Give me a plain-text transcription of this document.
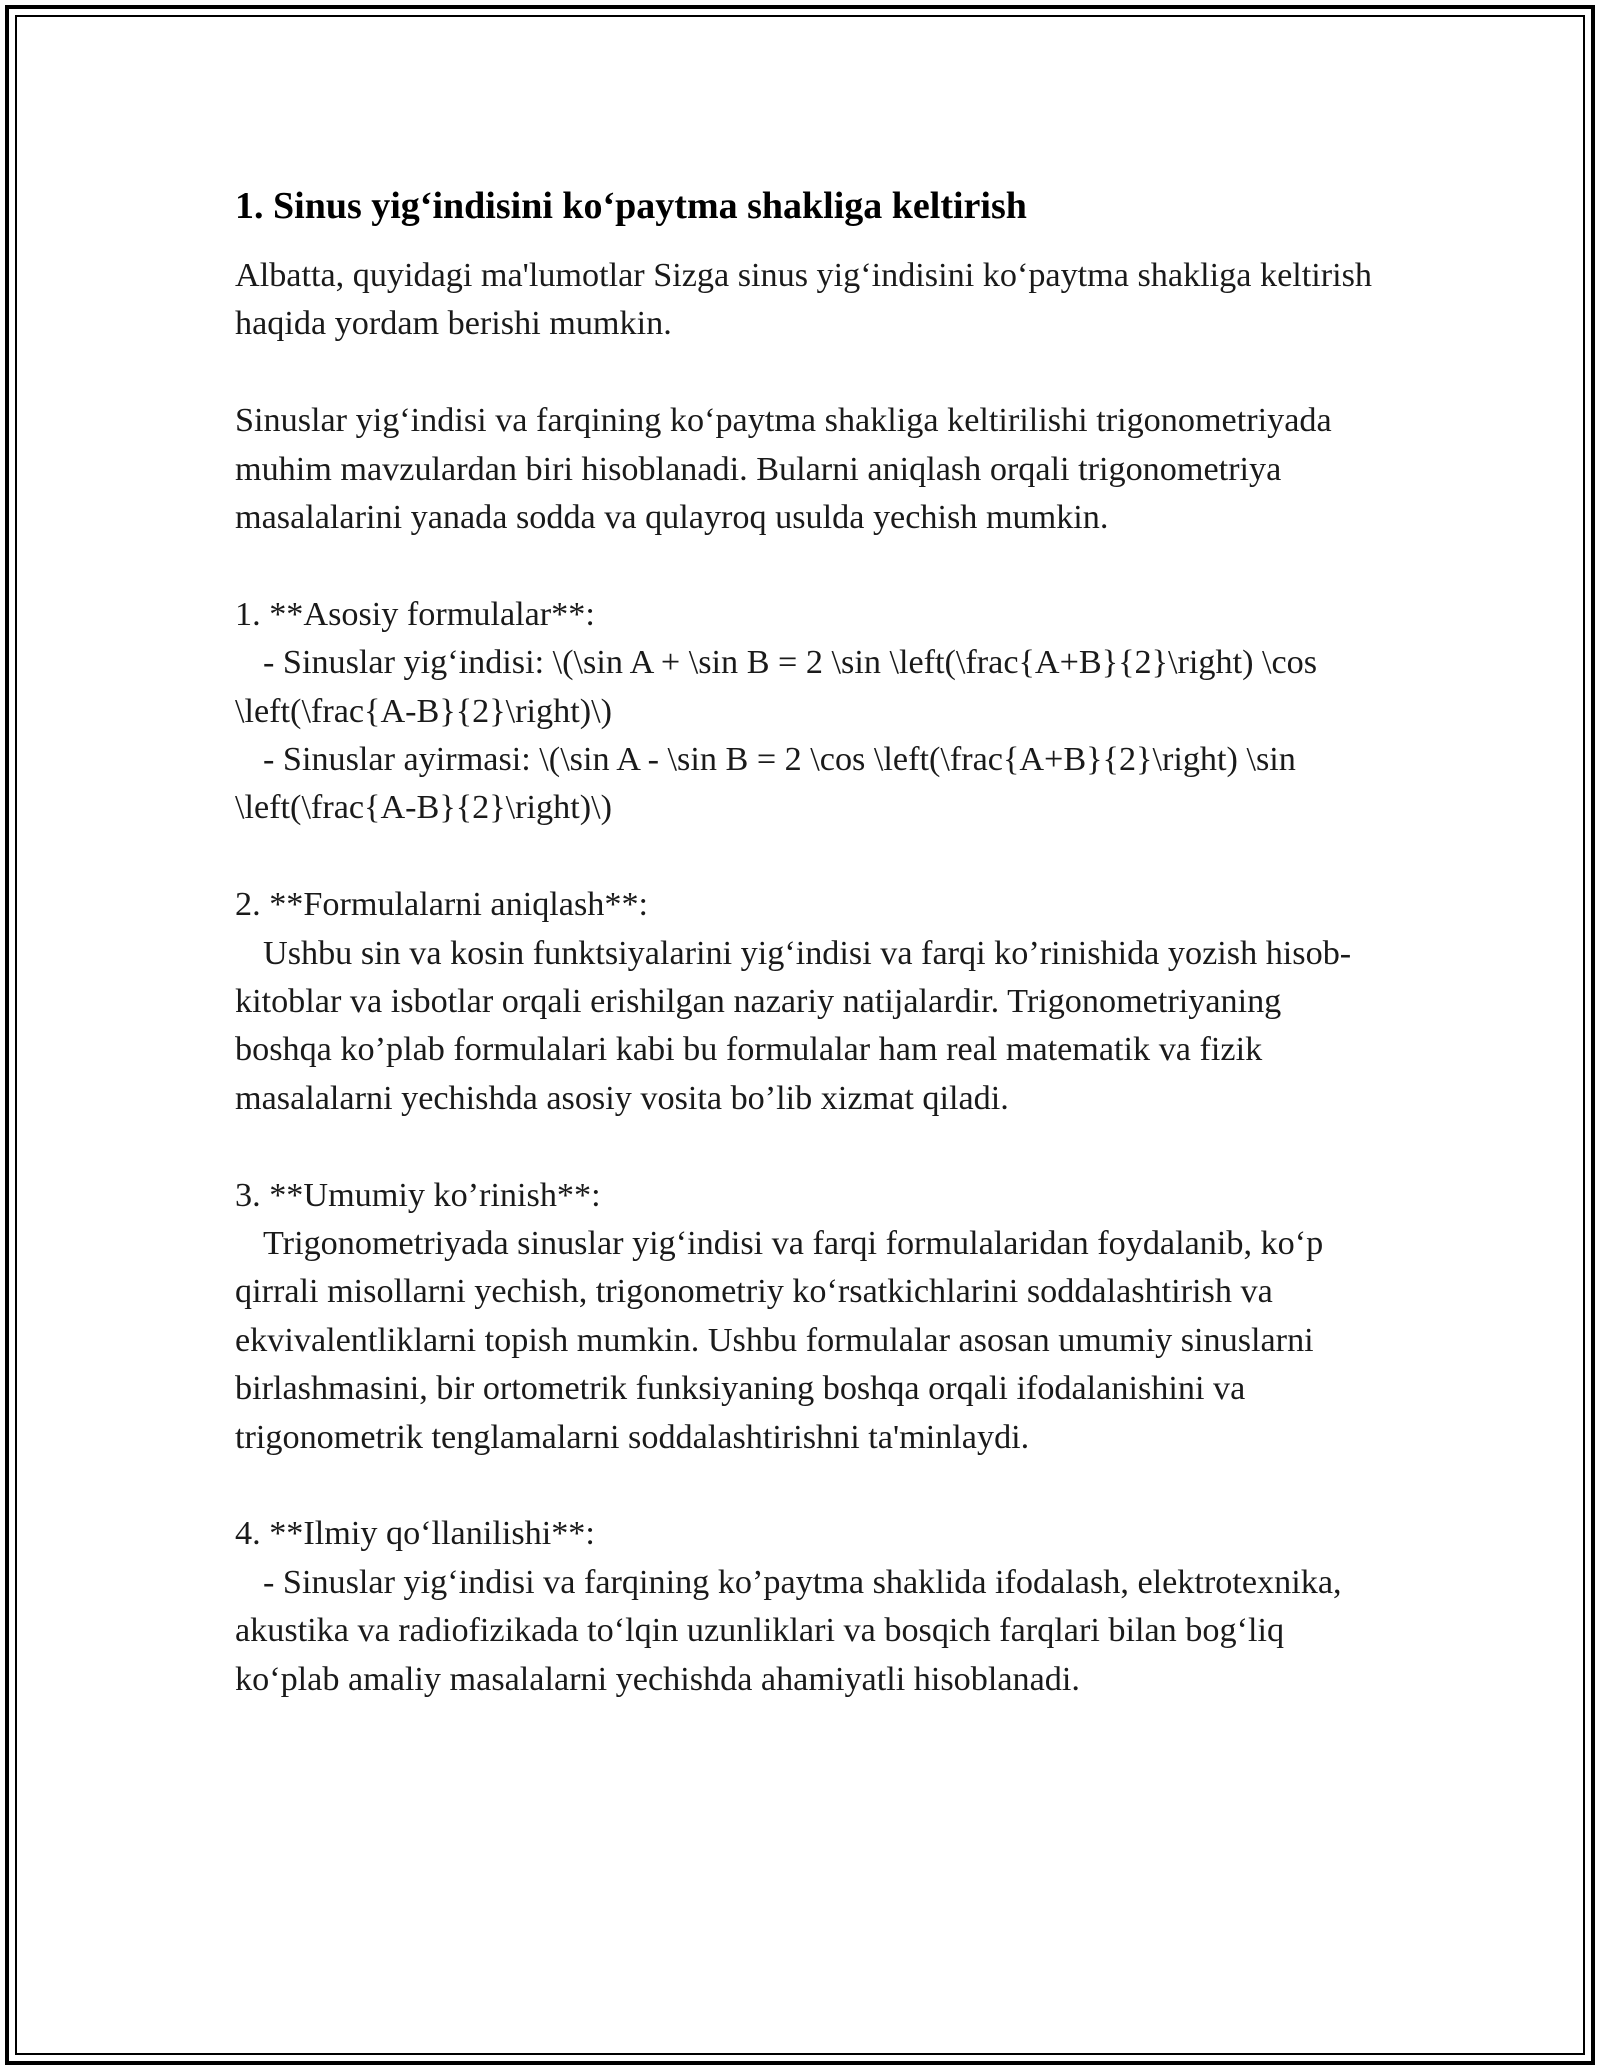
1. Sinus yig‘indisini ko‘paytma shakliga keltirish
Albatta, quyidagi ma'lumotlar Sizga sinus yig‘indisini ko‘paytma shakliga keltirish haqida yordam berishi mumkin.
Sinuslar yig‘indisi va farqining ko‘paytma shakliga keltirilishi trigonometriyada muhim mavzulardan biri hisoblanadi. Bularni aniqlash orqali trigonometriya masalalarini yanada sodda va qulayroq usulda yechish mumkin.
1. **Asosiy formulalar**:
- Sinuslar yig‘indisi: \(\sin A + \sin B = 2 \sin \left(\frac{A+B}{2}\right) \cos \left(\frac{A-B}{2}\right)\)
- Sinuslar ayirmasi: \(\sin A - \sin B = 2 \cos \left(\frac{A+B}{2}\right) \sin \left(\frac{A-B}{2}\right)\)
2. **Formulalarni aniqlash**:
Ushbu sin va kosin funktsiyalarini yig‘indisi va farqi ko’rinishida yozish hisob-kitoblar va isbotlar orqali erishilgan nazariy natijalardir. Trigonometriyaning boshqa ko’plab formulalari kabi bu formulalar ham real matematik va fizik masalalarni yechishda asosiy vosita bo’lib xizmat qiladi.
3. **Umumiy ko’rinish**:
Trigonometriyada sinuslar yig‘indisi va farqi formulalaridan foydalanib, ko‘p qirrali misollarni yechish, trigonometriy ko‘rsatkichlarini soddalashtirish va ekvivalentliklarni topish mumkin. Ushbu formulalar asosan umumiy sinuslarni birlashmasini, bir ortometrik funksiyaning boshqa orqali ifodalanishini va trigonometrik tenglamalarni soddalashtirishni ta'minlaydi.
4. **Ilmiy qo‘llanilishi**:
- Sinuslar yig‘indisi va farqining ko’paytma shaklida ifodalash, elektrotexnika, akustika va radiofizikada to‘lqin uzunliklari va bosqich farqlari bilan bog‘liq ko‘plab amaliy masalalarni yechishda ahamiyatli hisoblanadi.
